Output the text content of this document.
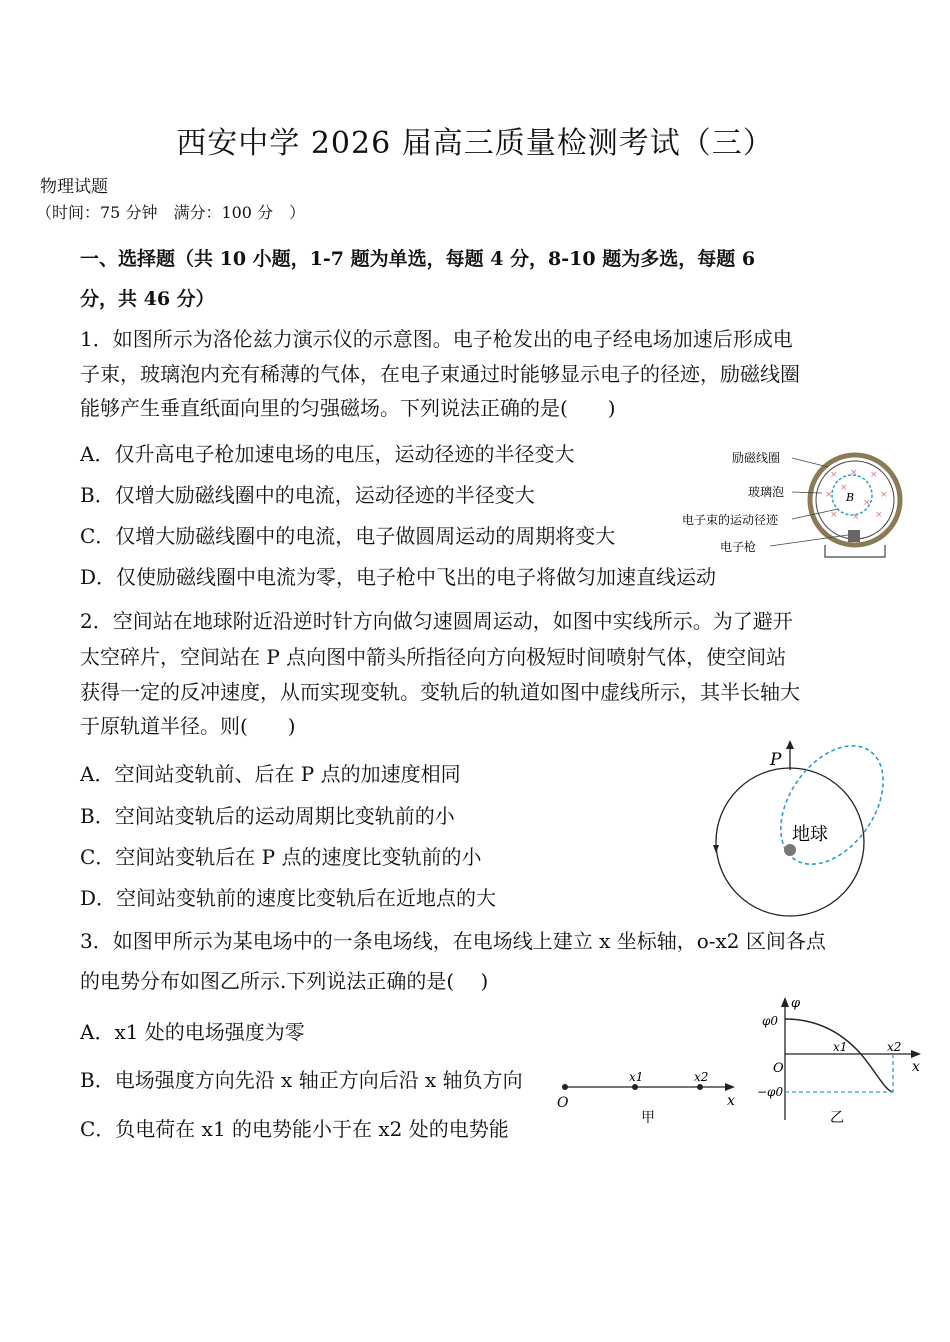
西安中学 2026 届高三质量检测考试（三）
物理试题
（时间：75 分钟　满分：100 分　）
一、选择题（共 10 小题，1-7 题为单选，每题 4 分，8-10 题为多选，每题 6
分，共 46 分）
1．如图所示为洛伦兹力演示仪的示意图。电子枪发出的电子经电场加速后形成电
子束，玻璃泡内充有稀薄的气体，在电子束通过时能够显示电子的径迹，励磁线圈
能够产生垂直纸面向里的匀强磁场。下列说法正确的是(　　)
A．仅升高电子枪加速电场的电压，运动径迹的半径变大
B．仅增大励磁线圈中的电流，运动径迹的半径变大
C．仅增大励磁线圈中的电流，电子做圆周运动的周期将变大
D．仅使励磁线圈中电流为零，电子枪中飞出的电子将做匀加速直线运动
× × ×
×	×
× × ×
×
×
B
励磁线圈
玻璃泡
电子束的运动径迹
电子枪
2．空间站在地球附近沿逆时针方向做匀速圆周运动，如图中实线所示。为了避开
太空碎片，空间站在 P 点向图中箭头所指径向方向极短时间喷射气体，使空间站
获得一定的反冲速度，从而实现变轨。变轨后的轨道如图中虚线所示，其半长轴大
于原轨道半径。则(　　)
A．空间站变轨前、后在 P 点的加速度相同
B．空间站变轨后的运动周期比变轨前的小
C．空间站变轨后在 P 点的速度比变轨前的小
D．空间站变轨前的速度比变轨后在近地点的大
P
地球
3．如图甲所示为某电场中的一条电场线，在电场线上建立 x 坐标轴，o-x2 区间各点
的电势分布如图乙所示.下列说法正确的是(　 )
A．x1 处的电场强度为零
B．电场强度方向先沿 x 轴正方向后沿 x 轴负方向
C．负电荷在 x1 的电势能小于在 x2 处的电势能
O
x1	x2
x
甲
φ
φ0
O
−φ0
x1	x2
x
乙
